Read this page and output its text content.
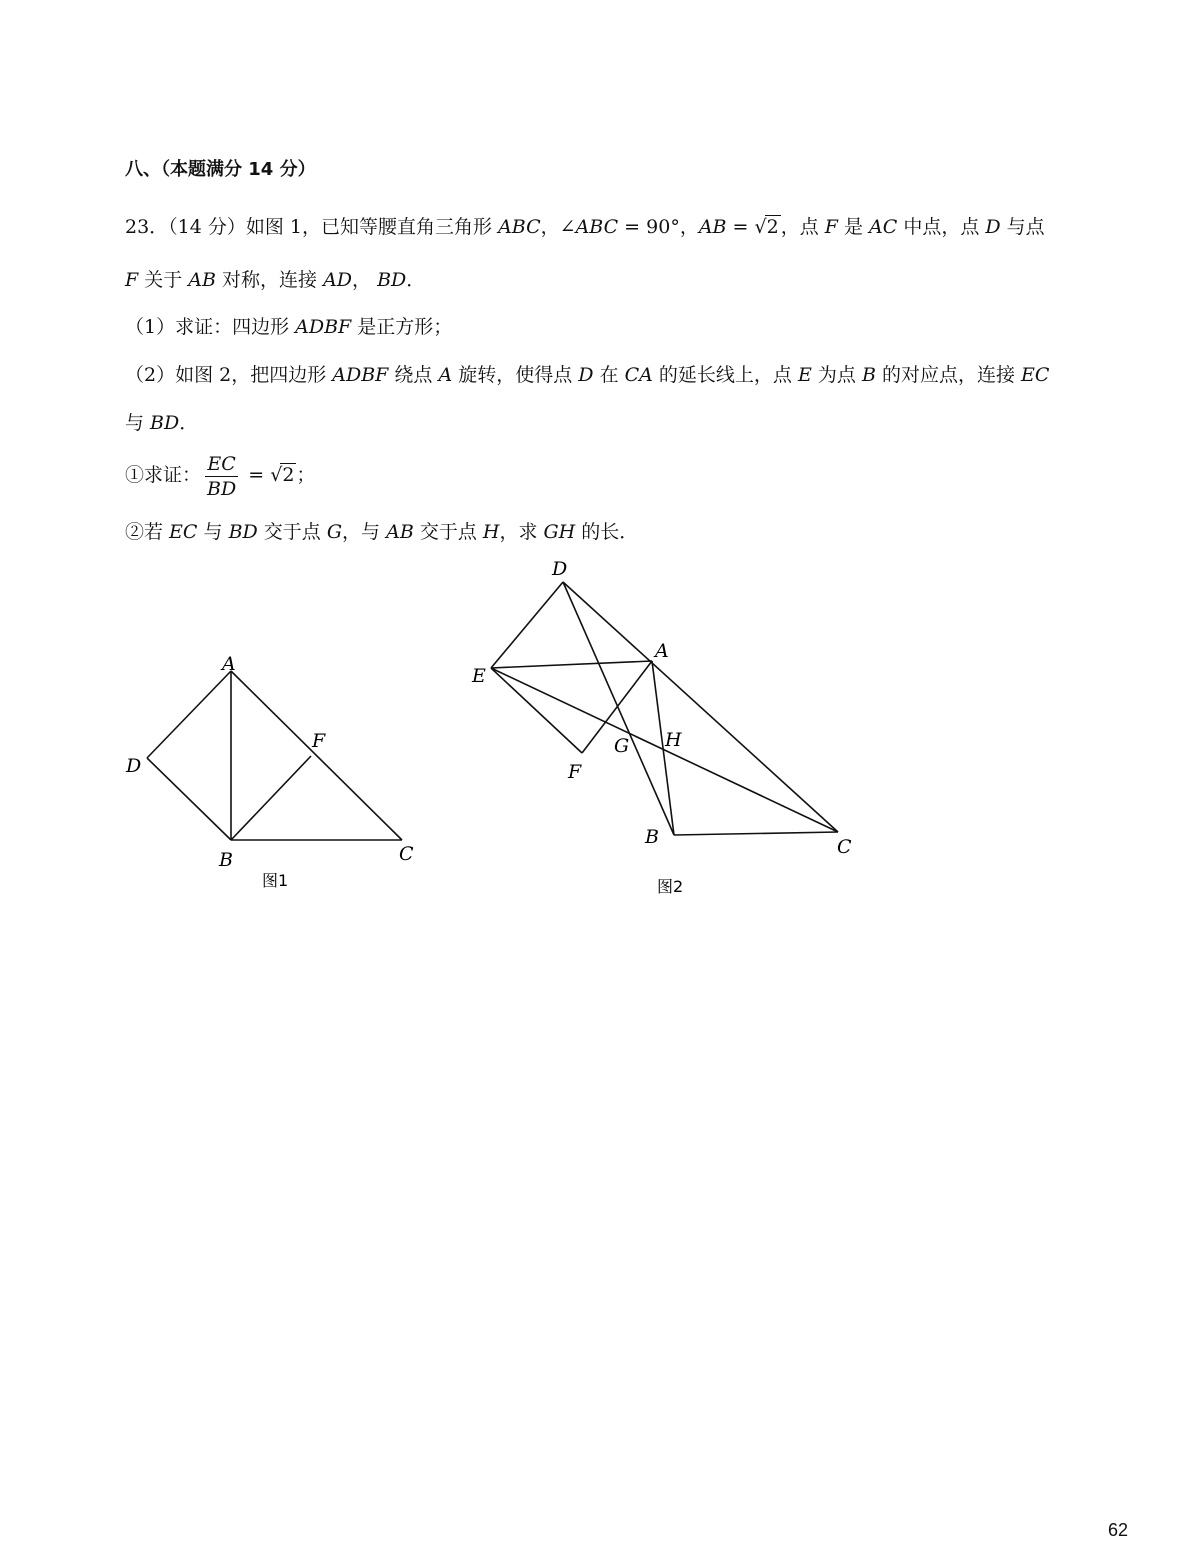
八、（本题满分 14 分）
23．（14 分）如图 1，已知等腰直角三角形 ABC，∠ABC = 90°，AB = √2 ，点 F 是 AC 中点，点 D 与点
F 关于 AB 对称，连接 AD， BD．
（1）求证：四边形 ADBF 是正方形；
（2）如图 2，把四边形 ADBF 绕点 A 旋转，使得点 D 在 CA 的延长线上，点 E 为点 B 的对应点，连接 EC
与 BD．
①求证： $\frac{EC}{BD} = √2$ ；
②若 EC 与 BD 交于点 G，与 AB 交于点 H，求 GH 的长．
A
D
F
B	C
图1
D
A
E
G H
F
B	C
图2
62
